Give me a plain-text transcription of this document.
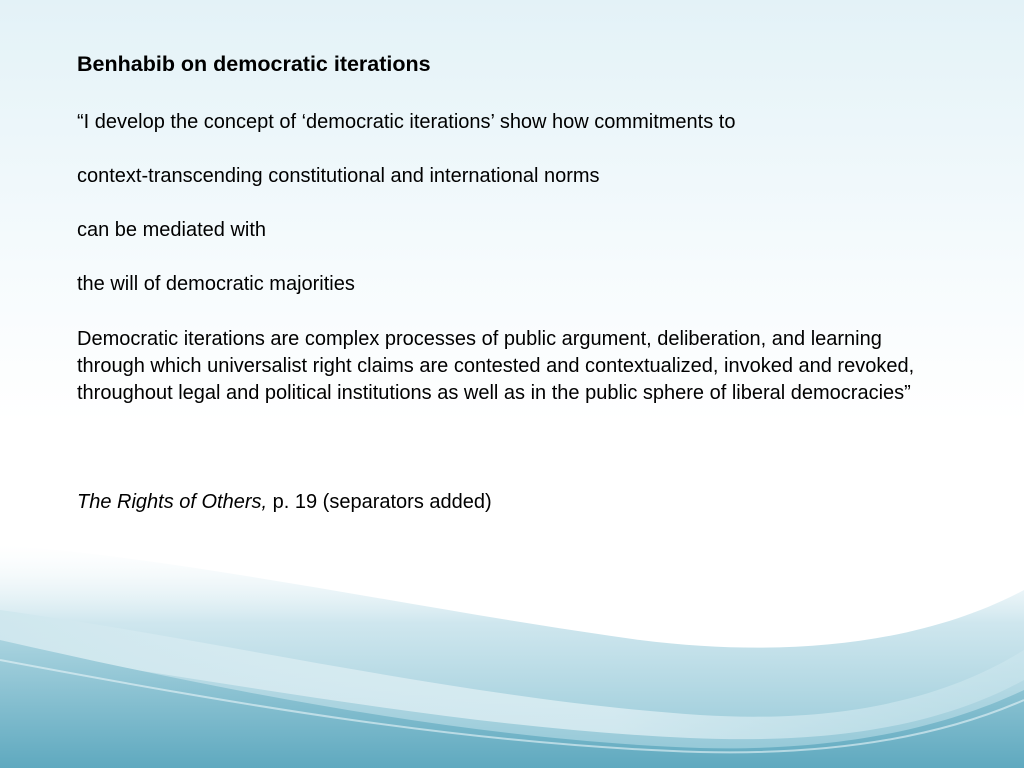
Benhabib on democratic iterations

“I develop the concept of ‘democratic iterations’ show how commitments to

context-transcending constitutional and international norms

can be mediated with

the will of democratic majorities

Democratic iterations are complex processes of public argument, deliberation, and learning through which universalist right claims are contested and contextualized, invoked and revoked, throughout legal and political institutions as well as in the public sphere of liberal democracies”

The Rights of Others, p. 19 (separators added)
